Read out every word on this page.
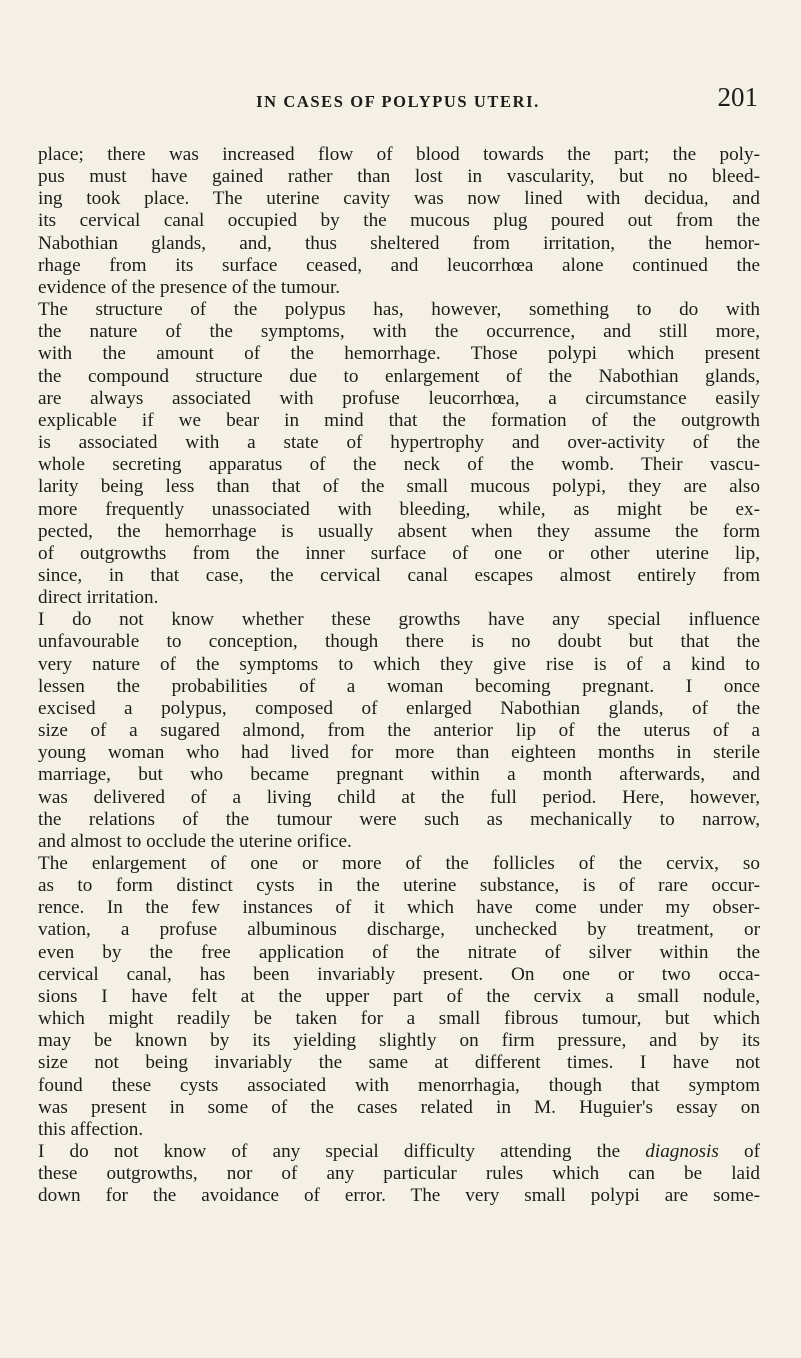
IN CASES OF POLYPUS UTERI.	201
place; there was increased flow of blood towards the part; the poly-
pus must have gained rather than lost in vascularity, but no bleed-
ing took place. The uterine cavity was now lined with decidua, and
its cervical canal occupied by the mucous plug poured out from the
Nabothian glands, and, thus sheltered from irritation, the hemor-
rhage from its surface ceased, and leucorrhœa alone continued the
evidence of the presence of the tumour.
The structure of the polypus has, however, something to do with
the nature of the symptoms, with the occurrence, and still more,
with the amount of the hemorrhage. Those polypi which present
the compound structure due to enlargement of the Nabothian glands,
are always associated with profuse leucorrhœa, a circumstance easily
explicable if we bear in mind that the formation of the outgrowth
is associated with a state of hypertrophy and over-activity of the
whole secreting apparatus of the neck of the womb. Their vascu-
larity being less than that of the small mucous polypi, they are also
more frequently unassociated with bleeding, while, as might be ex-
pected, the hemorrhage is usually absent when they assume the form
of outgrowths from the inner surface of one or other uterine lip,
since, in that case, the cervical canal escapes almost entirely from
direct irritation.
I do not know whether these growths have any special influence
unfavourable to conception, though there is no doubt but that the
very nature of the symptoms to which they give rise is of a kind to
lessen the probabilities of a woman becoming pregnant. I once
excised a polypus, composed of enlarged Nabothian glands, of the
size of a sugared almond, from the anterior lip of the uterus of a
young woman who had lived for more than eighteen months in sterile
marriage, but who became pregnant within a month afterwards, and
was delivered of a living child at the full period. Here, however,
the relations of the tumour were such as mechanically to narrow,
and almost to occlude the uterine orifice.
The enlargement of one or more of the follicles of the cervix, so
as to form distinct cysts in the uterine substance, is of rare occur-
rence. In the few instances of it which have come under my obser-
vation, a profuse albuminous discharge, unchecked by treatment, or
even by the free application of the nitrate of silver within the
cervical canal, has been invariably present. On one or two occa-
sions I have felt at the upper part of the cervix a small nodule,
which might readily be taken for a small fibrous tumour, but which
may be known by its yielding slightly on firm pressure, and by its
size not being invariably the same at different times. I have not
found these cysts associated with menorrhagia, though that symptom
was present in some of the cases related in M. Huguier's essay on
this affection.
I do not know of any special difficulty attending the diagnosis of
these outgrowths, nor of any particular rules which can be laid
down for the avoidance of error. The very small polypi are some-
